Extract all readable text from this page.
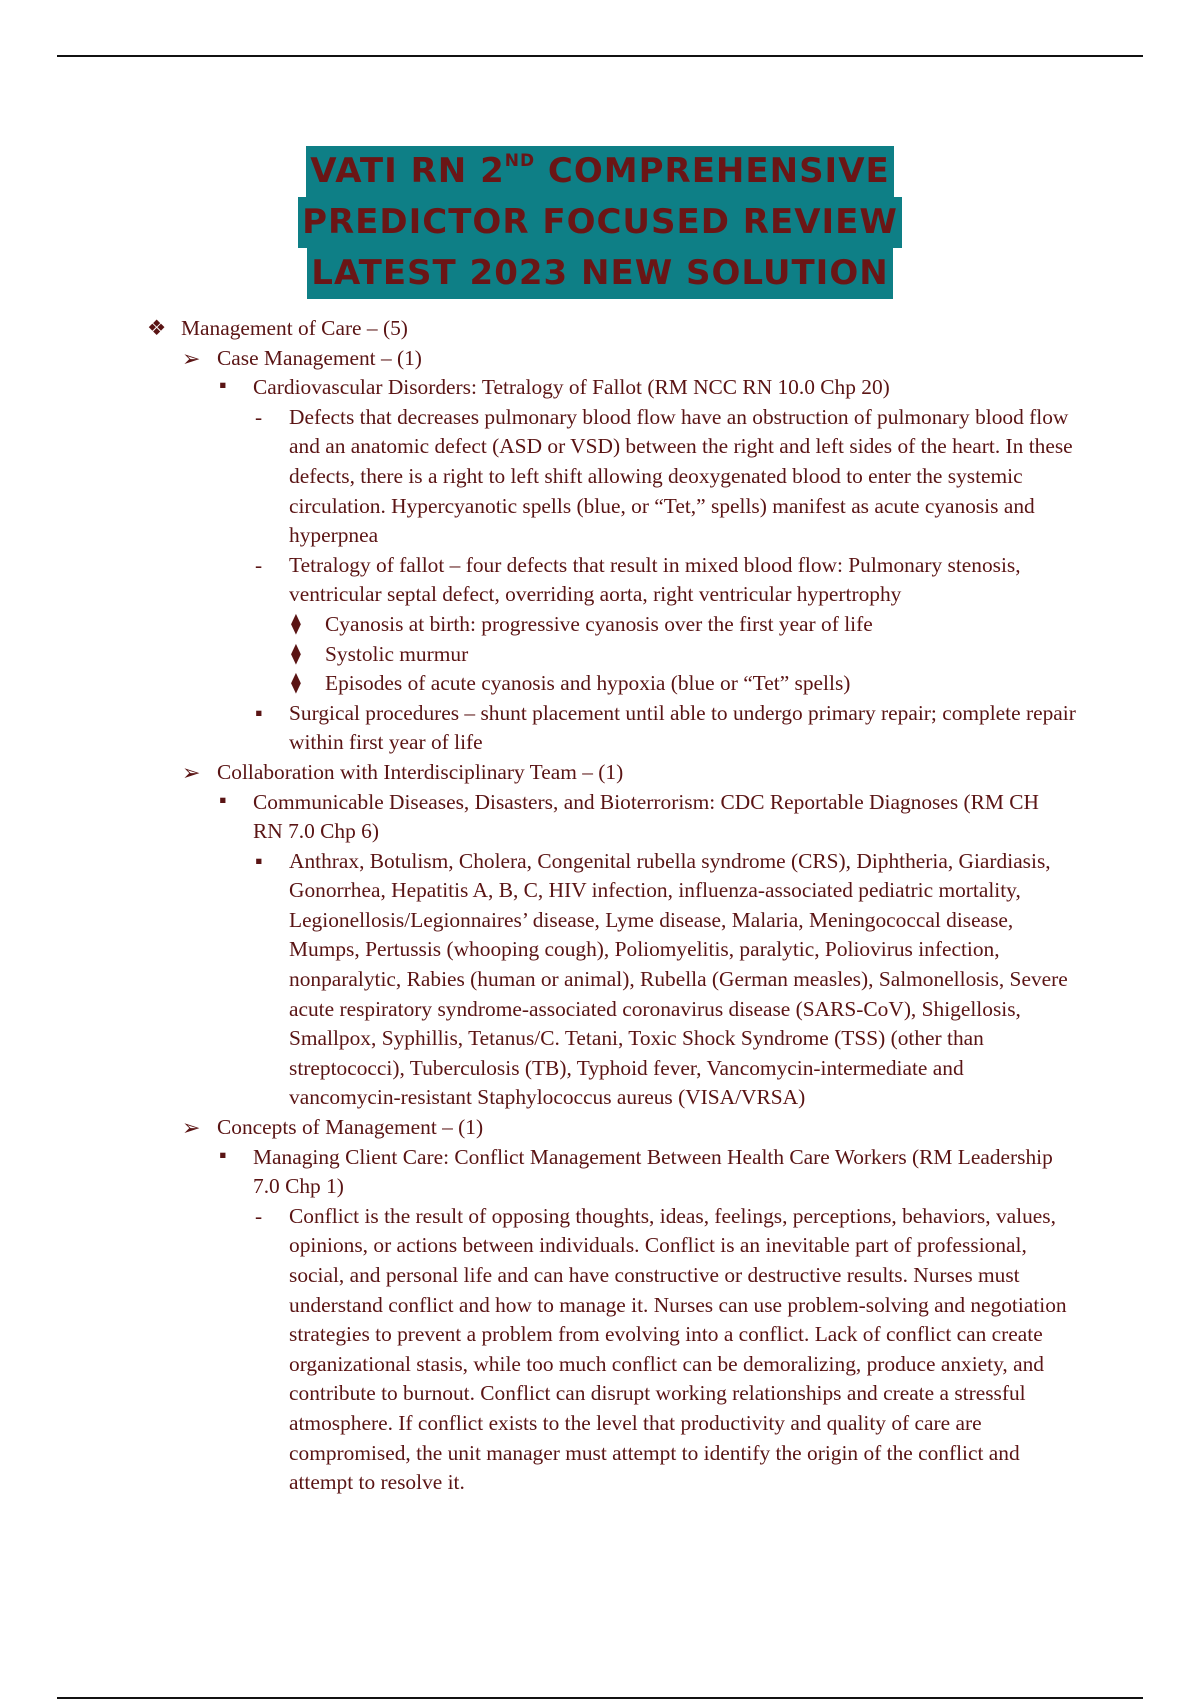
VATI RN 2ND COMPREHENSIVE
PREDICTOR FOCUSED REVIEW
LATEST 2023 NEW SOLUTION
❖ Management of Care – (5)
➢ Case Management – (1)
▪ Cardiovascular Disorders: Tetralogy of Fallot (RM NCC RN 10.0 Chp 20)
- Defects that decreases pulmonary blood flow have an obstruction of pulmonary blood flow and an anatomic defect (ASD or VSD) between the right and left sides of the heart. In these defects, there is a right to left shift allowing deoxygenated blood to enter the systemic circulation. Hypercyanotic spells (blue, or “Tet,” spells) manifest as acute cyanosis and hyperpnea
- Tetralogy of fallot – four defects that result in mixed blood flow: Pulmonary stenosis, ventricular septal defect, overriding aorta, right ventricular hypertrophy
⧫ Cyanosis at birth: progressive cyanosis over the first year of life
⧫ Systolic murmur
⧫ Episodes of acute cyanosis and hypoxia (blue or “Tet” spells)
▪ Surgical procedures – shunt placement until able to undergo primary repair; complete repair within first year of life
➢ Collaboration with Interdisciplinary Team – (1)
▪ Communicable Diseases, Disasters, and Bioterrorism: CDC Reportable Diagnoses (RM CH RN 7.0 Chp 6)
▪ Anthrax, Botulism, Cholera, Congenital rubella syndrome (CRS), Diphtheria, Giardiasis, Gonorrhea, Hepatitis A, B, C, HIV infection, influenza-associated pediatric mortality, Legionellosis/Legionnaires’ disease, Lyme disease, Malaria, Meningococcal disease, Mumps, Pertussis (whooping cough), Poliomyelitis, paralytic, Poliovirus infection, nonparalytic, Rabies (human or animal), Rubella (German measles), Salmonellosis, Severe acute respiratory syndrome-associated coronavirus disease (SARS-CoV), Shigellosis, Smallpox, Syphillis, Tetanus/C. Tetani, Toxic Shock Syndrome (TSS) (other than streptococci), Tuberculosis (TB), Typhoid fever, Vancomycin-intermediate and vancomycin-resistant Staphylococcus aureus (VISA/VRSA)
➢ Concepts of Management – (1)
▪ Managing Client Care: Conflict Management Between Health Care Workers (RM Leadership 7.0 Chp 1)
- Conflict is the result of opposing thoughts, ideas, feelings, perceptions, behaviors, values, opinions, or actions between individuals. Conflict is an inevitable part of professional, social, and personal life and can have constructive or destructive results. Nurses must understand conflict and how to manage it. Nurses can use problem-solving and negotiation strategies to prevent a problem from evolving into a conflict. Lack of conflict can create organizational stasis, while too much conflict can be demoralizing, produce anxiety, and contribute to burnout. Conflict can disrupt working relationships and create a stressful atmosphere. If conflict exists to the level that productivity and quality of care are compromised, the unit manager must attempt to identify the origin of the conflict and attempt to resolve it.
